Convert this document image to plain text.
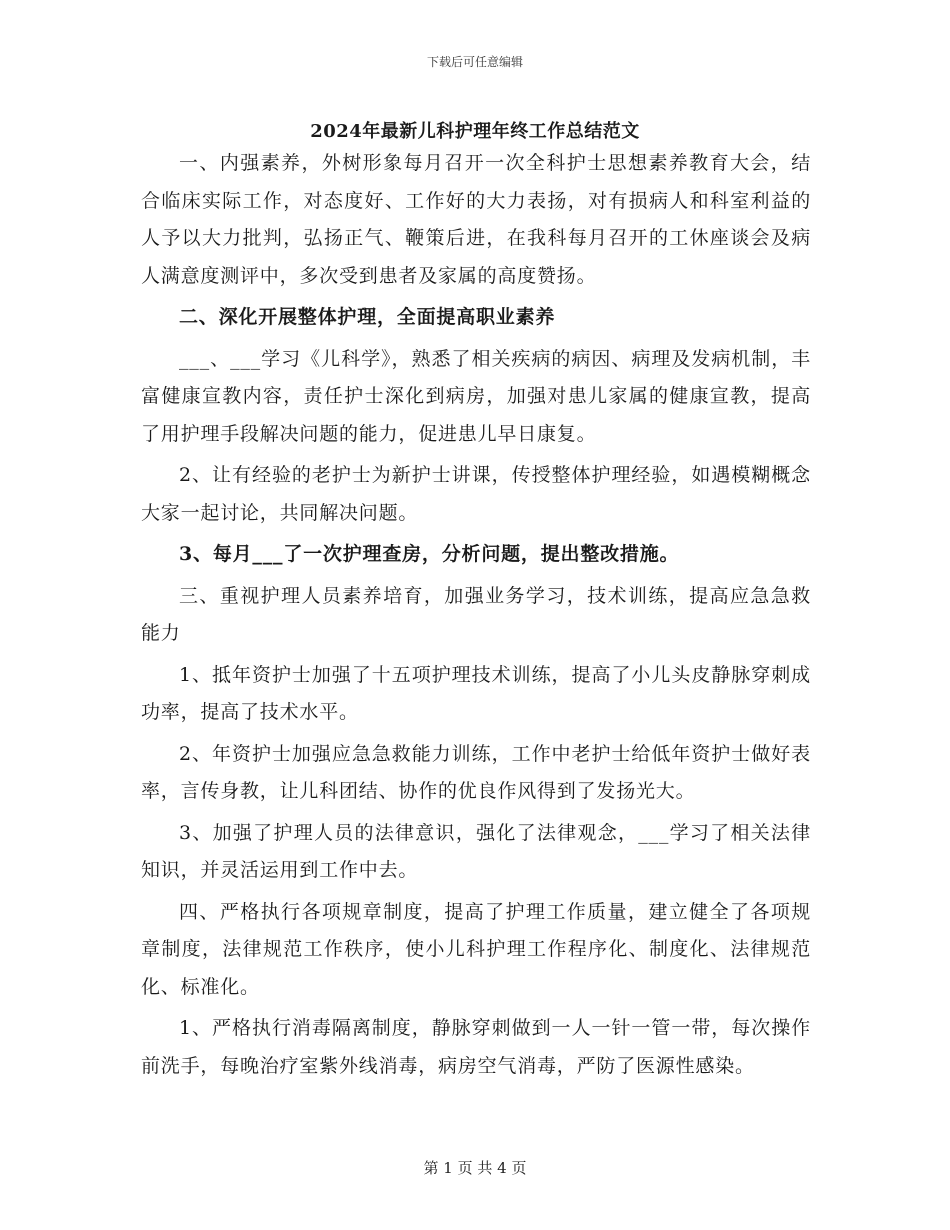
下载后可任意编辑
2024年最新儿科护理年终工作总结范文

一、内强素养，外树形象每月召开一次全科护士思想素养教育大会，结合临床实际工作，对态度好、工作好的大力表扬，对有损病人和科室利益的人予以大力批判，弘扬正气、鞭策后进，在我科每月召开的工休座谈会及病人满意度测评中，多次受到患者及家属的高度赞扬。

二、深化开展整体护理，全面提高职业素养

___、___学习《儿科学》，熟悉了相关疾病的病因、病理及发病机制，丰富健康宣教内容，责任护士深化到病房，加强对患儿家属的健康宣教，提高了用护理手段解决问题的能力，促进患儿早日康复。

2、让有经验的老护士为新护士讲课，传授整体护理经验，如遇模糊概念大家一起讨论，共同解决问题。

3、每月___了一次护理查房，分析问题，提出整改措施。

三、重视护理人员素养培育，加强业务学习，技术训练，提高应急急救能力

1、抵年资护士加强了十五项护理技术训练，提高了小儿头皮静脉穿刺成功率，提高了技术水平。

2、年资护士加强应急急救能力训练，工作中老护士给低年资护士做好表率，言传身教，让儿科团结、协作的优良作风得到了发扬光大。

3、加强了护理人员的法律意识，强化了法律观念，___学习了相关法律知识，并灵活运用到工作中去。

四、严格执行各项规章制度，提高了护理工作质量，建立健全了各项规章制度，法律规范工作秩序，使小儿科护理工作程序化、制度化、法律规范化、标准化。

1、严格执行消毒隔离制度，静脉穿刺做到一人一针一管一带，每次操作前洗手，每晚治疗室紫外线消毒，病房空气消毒，严防了医源性感染。

第 1 页 共 4 页
